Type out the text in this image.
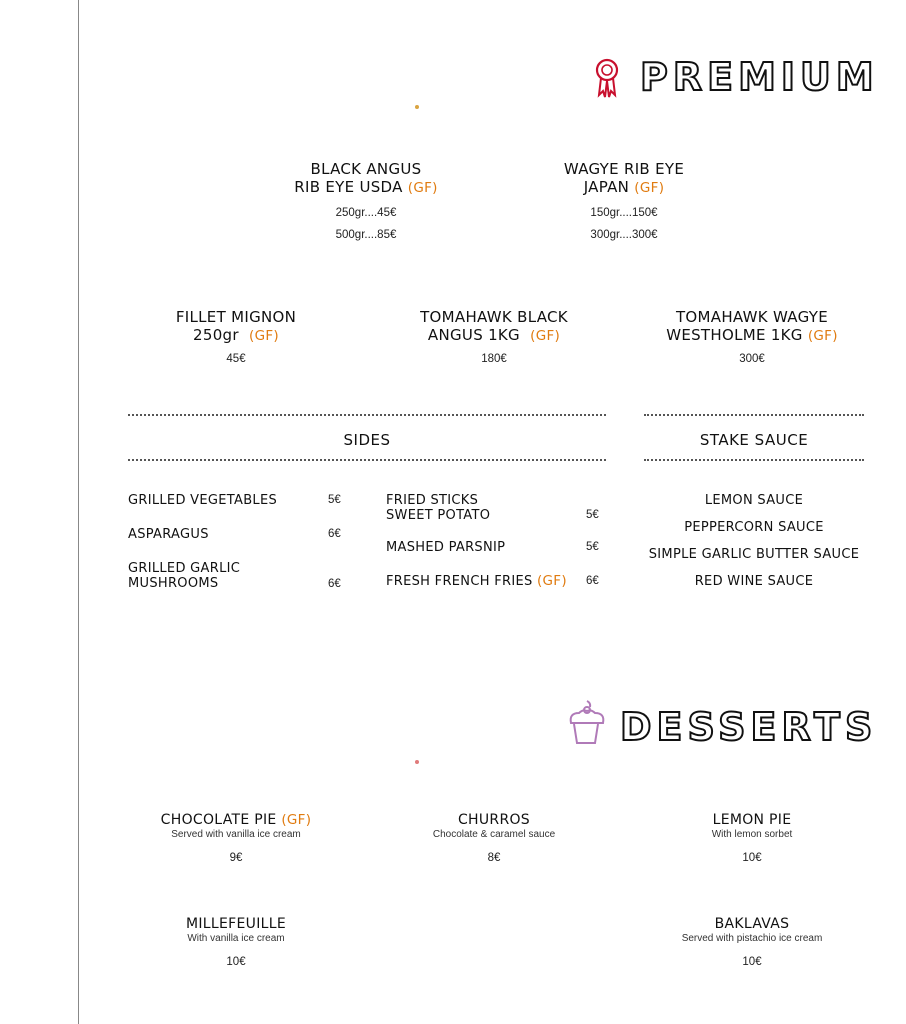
PREMIUM
BLACK ANGUS
RIB EYE USDA (GF)
250gr....45€
500gr....85€
WAGYE RIB EYE
JAPAN (GF)
150gr....150€
300gr....300€
FILLET MIGNON
250gr (GF)
45€
TOMAHAWK BLACK
ANGUS 1KG (GF)
180€
TOMAHAWK WAGYE
WESTHOLME 1KG (GF)
300€
SIDES
GRILLED VEGETABLES	5€
ASPARAGUS	6€
GRILLED GARLIC
MUSHROOMS	6€
FRIED STICKS
SWEET POTATO	5€
MASHED PARSNIP	5€
FRESH FRENCH FRIES (GF) 6€
STAKE SAUCE
LEMON SAUCE
PEPPERCORN SAUCE
SIMPLE GARLIC BUTTER SAUCE
RED WINE SAUCE
DESSERTS
CHOCOLATE PIE (GF)
Served with vanilla ice cream
9€
CHURROS
Chocolate & caramel sauce
8€
LEMON PIE
With lemon sorbet
10€
MILLEFEUILLE
With vanilla ice cream
10€
BAKLAVAS
Served with pistachio ice cream
10€
